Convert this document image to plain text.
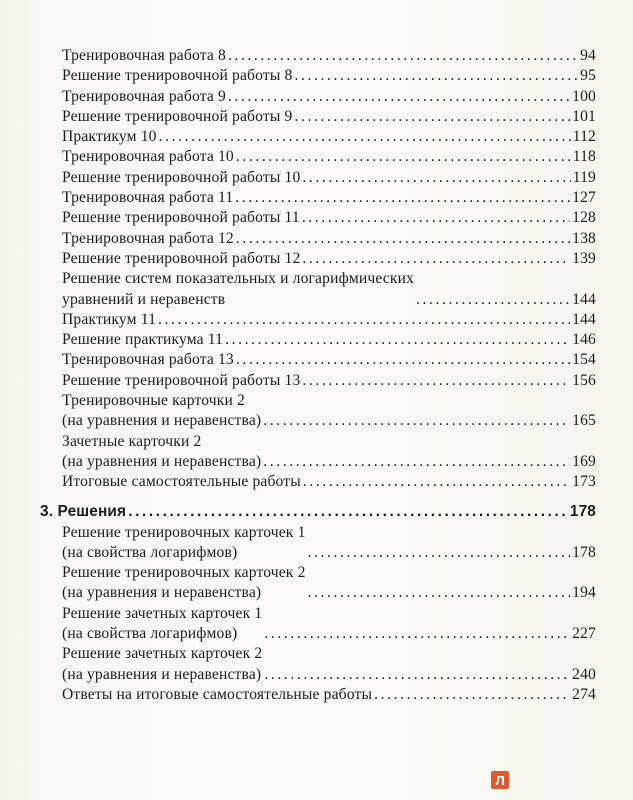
Тренировочная работа 8 .....	94
Решение тренировочной работы 8 .....	95
Тренировочная работа 9 .....	100
Решение тренировочной работы 9 .....	101
Практикум 10 .....	112
Тренировочная работа 10 .....	118
Решение тренировочной работы 10 .....	119
Тренировочная работа 11 .....	127
Решение тренировочной работы 11 .....	128
Тренировочная работа 12 .....	138
Решение тренировочной работы 12 .....	139
Решение систем показательных и логарифмических
уравнений и неравенств .....	144
Практикум 11 .....	144
Решение практикума 11 .....	146
Тренировочная работа 13 .....	154
Решение тренировочной работы 13 .....	156
Тренировочные карточки 2
(на уравнения и неравенства) .....	165
Зачетные карточки 2
(на уравнения и неравенства) .....	169
Итоговые самостоятельные работы .....	173
3. Решения .....	178
Решение тренировочных карточек 1
(на свойства логарифмов) .....	178
Решение тренировочных карточек 2
(на уравнения и неравенства) .....	194
Решение зачетных карточек 1
(на свойства логарифмов) .....	227
Решение зачетных карточек 2
(на уравнения и неравенства) .....	240
Ответы на итоговые самостоятельные работы .....	274
Л
